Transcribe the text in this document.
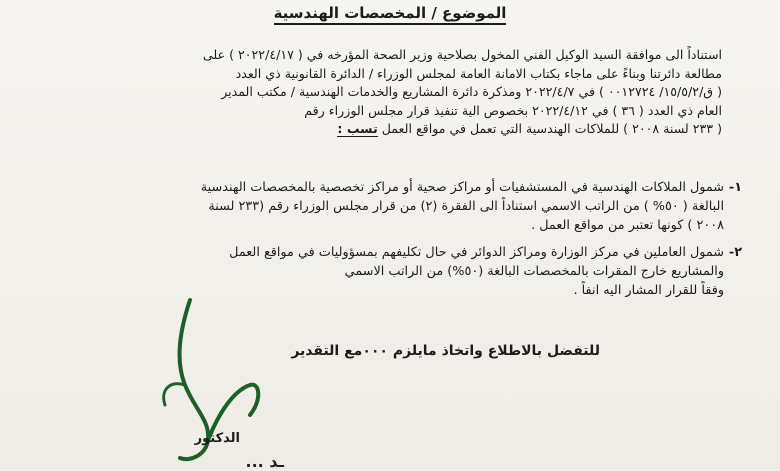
الموضوع / المخصصات الهندسية

استناداً الى موافقة السيد الوكيل الفني المخول بصلاحية وزير الصحة المؤرخه في ( ٢٠٢٢/٤/١٧ ) على

مطالعة دائرتنا وبناءً على ماجاء بكتاب الامانة العامة لمجلس الوزراء / الدائرة القانونية ذي العدد

( ق/١٥/٥/٢/ ٠٠١٢٧٢٤ ) في ٢٠٢٢/٤/٧ ومذكرة دائرة المشاريع والخدمات الهندسية / مكتب المدير

العام ذي العدد ( ٣٦ ) في ٢٠٢٢/٤/١٢ بخصوص الية تنفيذ قرار مجلس الوزراء رقم

( ٢٣٣ لسنة ٢٠٠٨ ) للملاكات الهندسية التي تعمل في مواقع العمل تسب :

١-

شمول الملاكات الهندسية في المستشفيات أو مراكز صحية أو مراكز تخصصية بالمخصصات الهندسية

البالغة ( ٥٠% ) من الراتب الاسمي استناداً الى الفقرة (٢) من قرار مجلس الوزراء رقم (٢٣٣ لسنة

٢٠٠٨ ) كونها تعتبر من مواقع العمل .

٢-

شمول العاملين في مركز الوزارة ومراكز الدوائر في حال تكليفهم بمسؤوليات في مواقع العمل

والمشاريع خارج المقرات بالمخصصات البالغة (٥٠%) من الراتب الاسمي

وفقاً للقرار المشار اليه انفاً .

للتفضل بالاطلاع واتخاذ مايلزم ٠٠٠مع التقدير
الدكتور
ـد ...
